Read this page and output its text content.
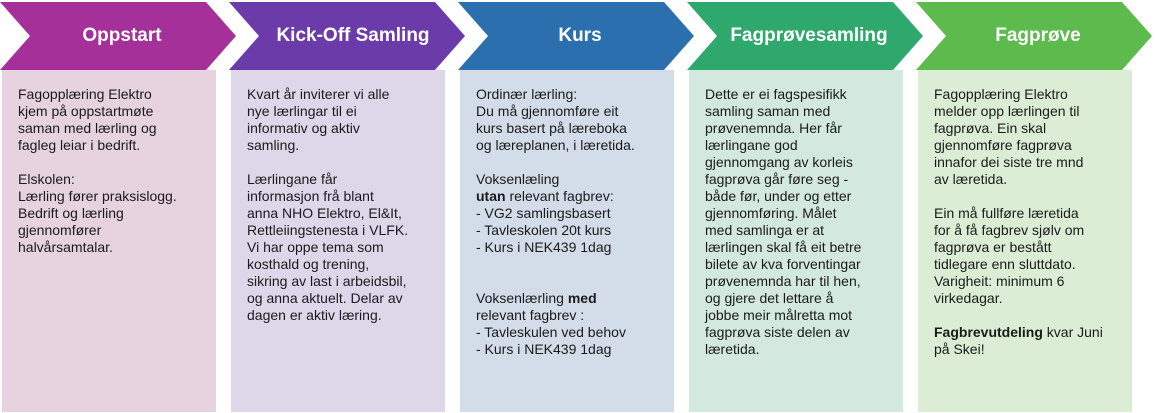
Oppstart	Kick-Off Samling	Kurs	Fagprøvesamling	Fagprøve

Fagopplæring Elektro
kjem på oppstartmøte
saman med lærling og
fagleg leiar i bedrift.

Elskolen:
Lærling fører praksislogg.
Bedrift og lærling
gjennomfører
halvårsamtalar.

Kvart år inviterer vi alle
nye lærlingar til ei
informativ og aktiv
samling.

Lærlingane får
informasjon frå blant
anna NHO Elektro, El&It,
Rettleiingstenesta i VLFK.
Vi har oppe tema som
kosthald og trening,
sikring av last i arbeidsbil,
og anna aktuelt. Delar av
dagen er aktiv læring.

Ordinær lærling:
Du må gjennomføre eit
kurs basert på læreboka
og læreplanen, i læretida.

Voksenlæling
utan relevant fagbrev:
- VG2 samlingsbasert
- Tavleskolen 20t kurs
- Kurs i NEK439 1dag

Voksenlærling med
relevant fagbrev :
- Tavleskulen ved behov
- Kurs i NEK439 1dag

Dette er ei fagspesifikk
samling saman med
prøvenemnda. Her får
lærlingane god
gjennomgang av korleis
fagprøva går føre seg -
både før, under og etter
gjennomføring. Målet
med samlinga er at
lærlingen skal få eit betre
bilete av kva forventingar
prøvenemnda har til hen,
og gjere det lettare å
jobbe meir målretta mot
fagprøva siste delen av
læretida.

Fagopplæring Elektro
melder opp lærlingen til
fagprøva. Ein skal
gjennomføre fagprøva
innafor dei siste tre mnd
av læretida.

Ein må fullføre læretida
for å få fagbrev sjølv om
fagprøva er bestått
tidlegare enn sluttdato.
Varigheit: minimum 6
virkedagar.

Fagbrevutdeling kvar Juni
på Skei!
